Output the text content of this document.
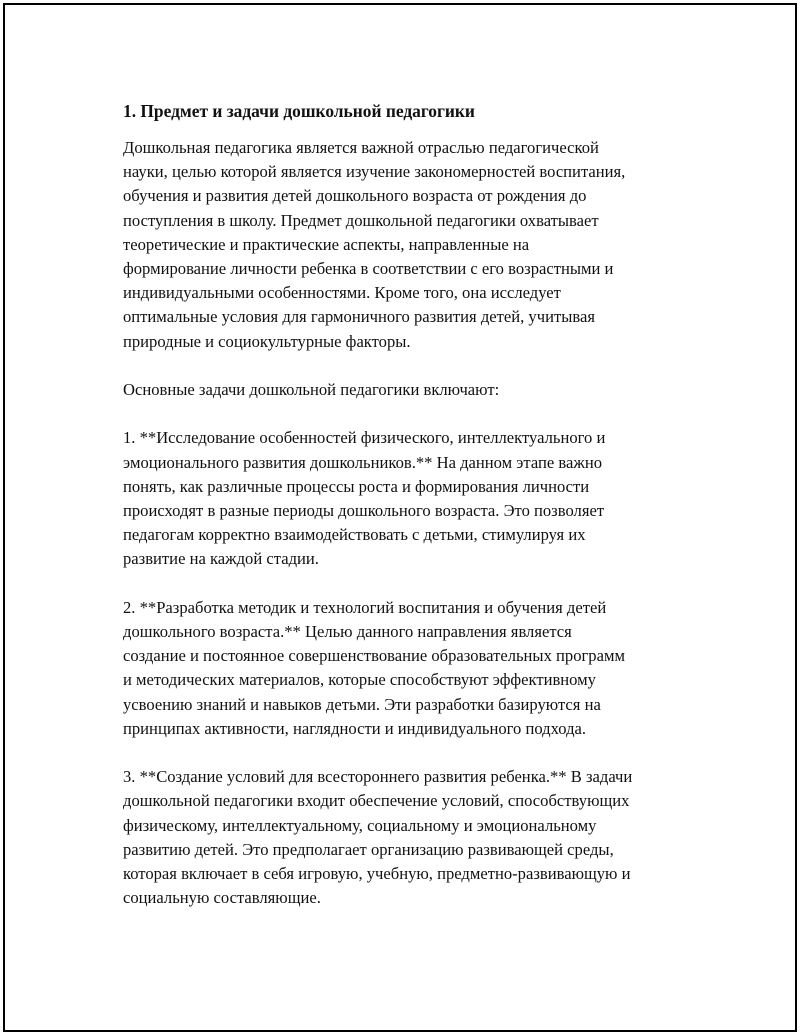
1. Предмет и задачи дошкольной педагогики

Дошкольная педагогика является важной отраслью педагогической
науки, целью которой является изучение закономерностей воспитания,
обучения и развития детей дошкольного возраста от рождения до
поступления в школу. Предмет дошкольной педагогики охватывает
теоретические и практические аспекты, направленные на
формирование личности ребенка в соответствии с его возрастными и
индивидуальными особенностями. Кроме того, она исследует
оптимальные условия для гармоничного развития детей, учитывая
природные и социокультурные факторы.

Основные задачи дошкольной педагогики включают:

1. **Исследование особенностей физического, интеллектуального и
эмоционального развития дошкольников.** На данном этапе важно
понять, как различные процессы роста и формирования личности
происходят в разные периоды дошкольного возраста. Это позволяет
педагогам корректно взаимодействовать с детьми, стимулируя их
развитие на каждой стадии.

2. **Разработка методик и технологий воспитания и обучения детей
дошкольного возраста.** Целью данного направления является
создание и постоянное совершенствование образовательных программ
и методических материалов, которые способствуют эффективному
усвоению знаний и навыков детьми. Эти разработки базируются на
принципах активности, наглядности и индивидуального подхода.

3. **Создание условий для всестороннего развития ребенка.** В задачи
дошкольной педагогики входит обеспечение условий, способствующих
физическому, интеллектуальному, социальному и эмоциональному
развитию детей. Это предполагает организацию развивающей среды,
которая включает в себя игровую, учебную, предметно-развивающую и
социальную составляющие.
